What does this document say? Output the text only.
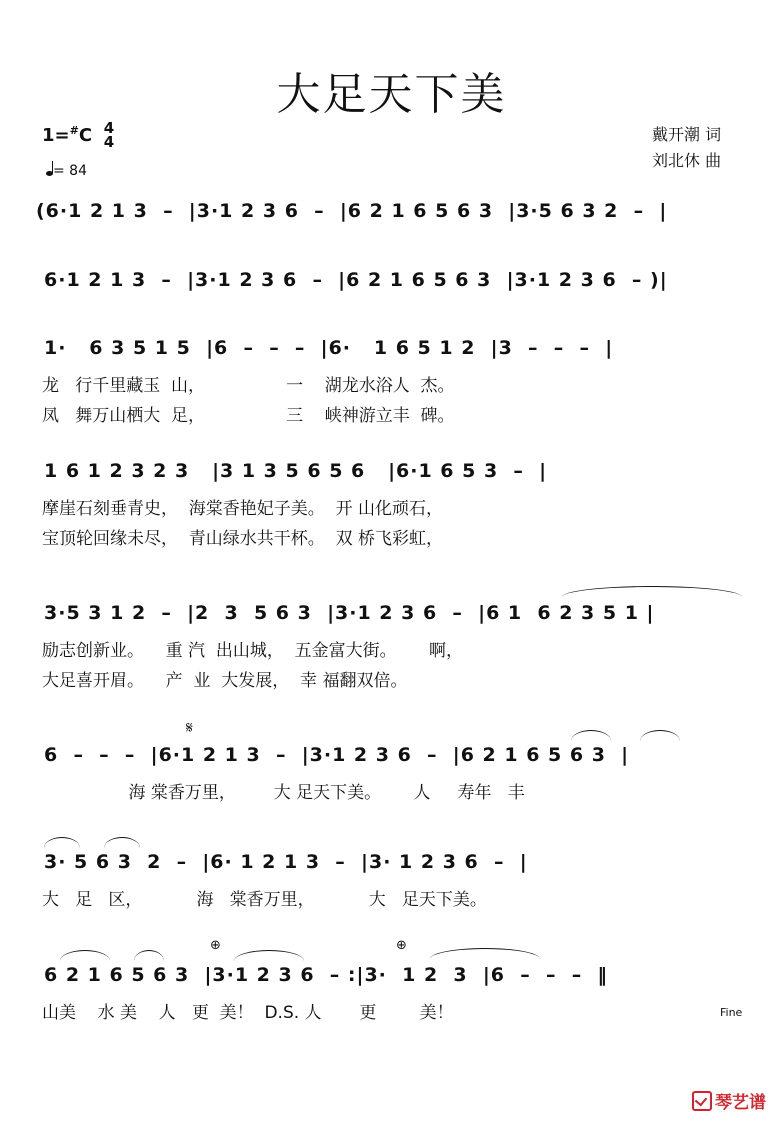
大足天下美
1=#C 4
4
= 84
戴开潮 词
刘北休 曲
(6·1 2 1 3  –  |3·1 2 3 6  –  |6 2 1 6 5 6 3  |3·5 6 3 2  –  |
6·1 2 1 3  –  |3·1 2 3 6  –  |6 2 1 6 5 6 3  |3·1 2 3 6  – )|
1·   6 3 5 1 5  |6  –  –  –  |6·   1 6 5 1 2  |3  –  –  –  |
龙   行千里藏玉  山，               一    湖龙水浴人  杰。
凤   舞万山栖大  足，               三    峡神游立丰  碑。
1 6 1 2 3 2 3   |3 1 3 5 6 5 6   |6·1 6 5 3  –  |
摩崖石刻垂青史，  海棠香艳妃子美。  开 山化顽石，
宝顶轮回缘未尽，  青山绿水共干杯。  双 桥飞彩虹，
3·5 3 1 2  –  |2  3  5 6 3  |3·1 2 3 6  –  |6 1  6 2 3 5 1 |
励志创新业。    重 汽  出山城，  五金富大街。      啊，
大足喜开眉。    产  业  大发展，  幸 福翻双倍。
𝄋
6  –  –  –  |6·1 2 1 3  –  |3·1 2 3 6  –  |6 2 1 6 5 6 3  |
海 棠香万里，       大 足天下美。      人     寿年   丰
3· 5 6 3  2  –  |6· 1 2 1 3  –  |3· 1 2 3 6  –  |
大   足   区，          海   棠香万里，          大   足天下美。
⊕	⊕
6 2 1 6 5 6 3  |3·1 2 3 6  – :|3·  1 2  3  |6  –  –  –  ‖
山美    水 美    人   更  美！  D.S. 人       更        美！	Fine
琴艺谱
